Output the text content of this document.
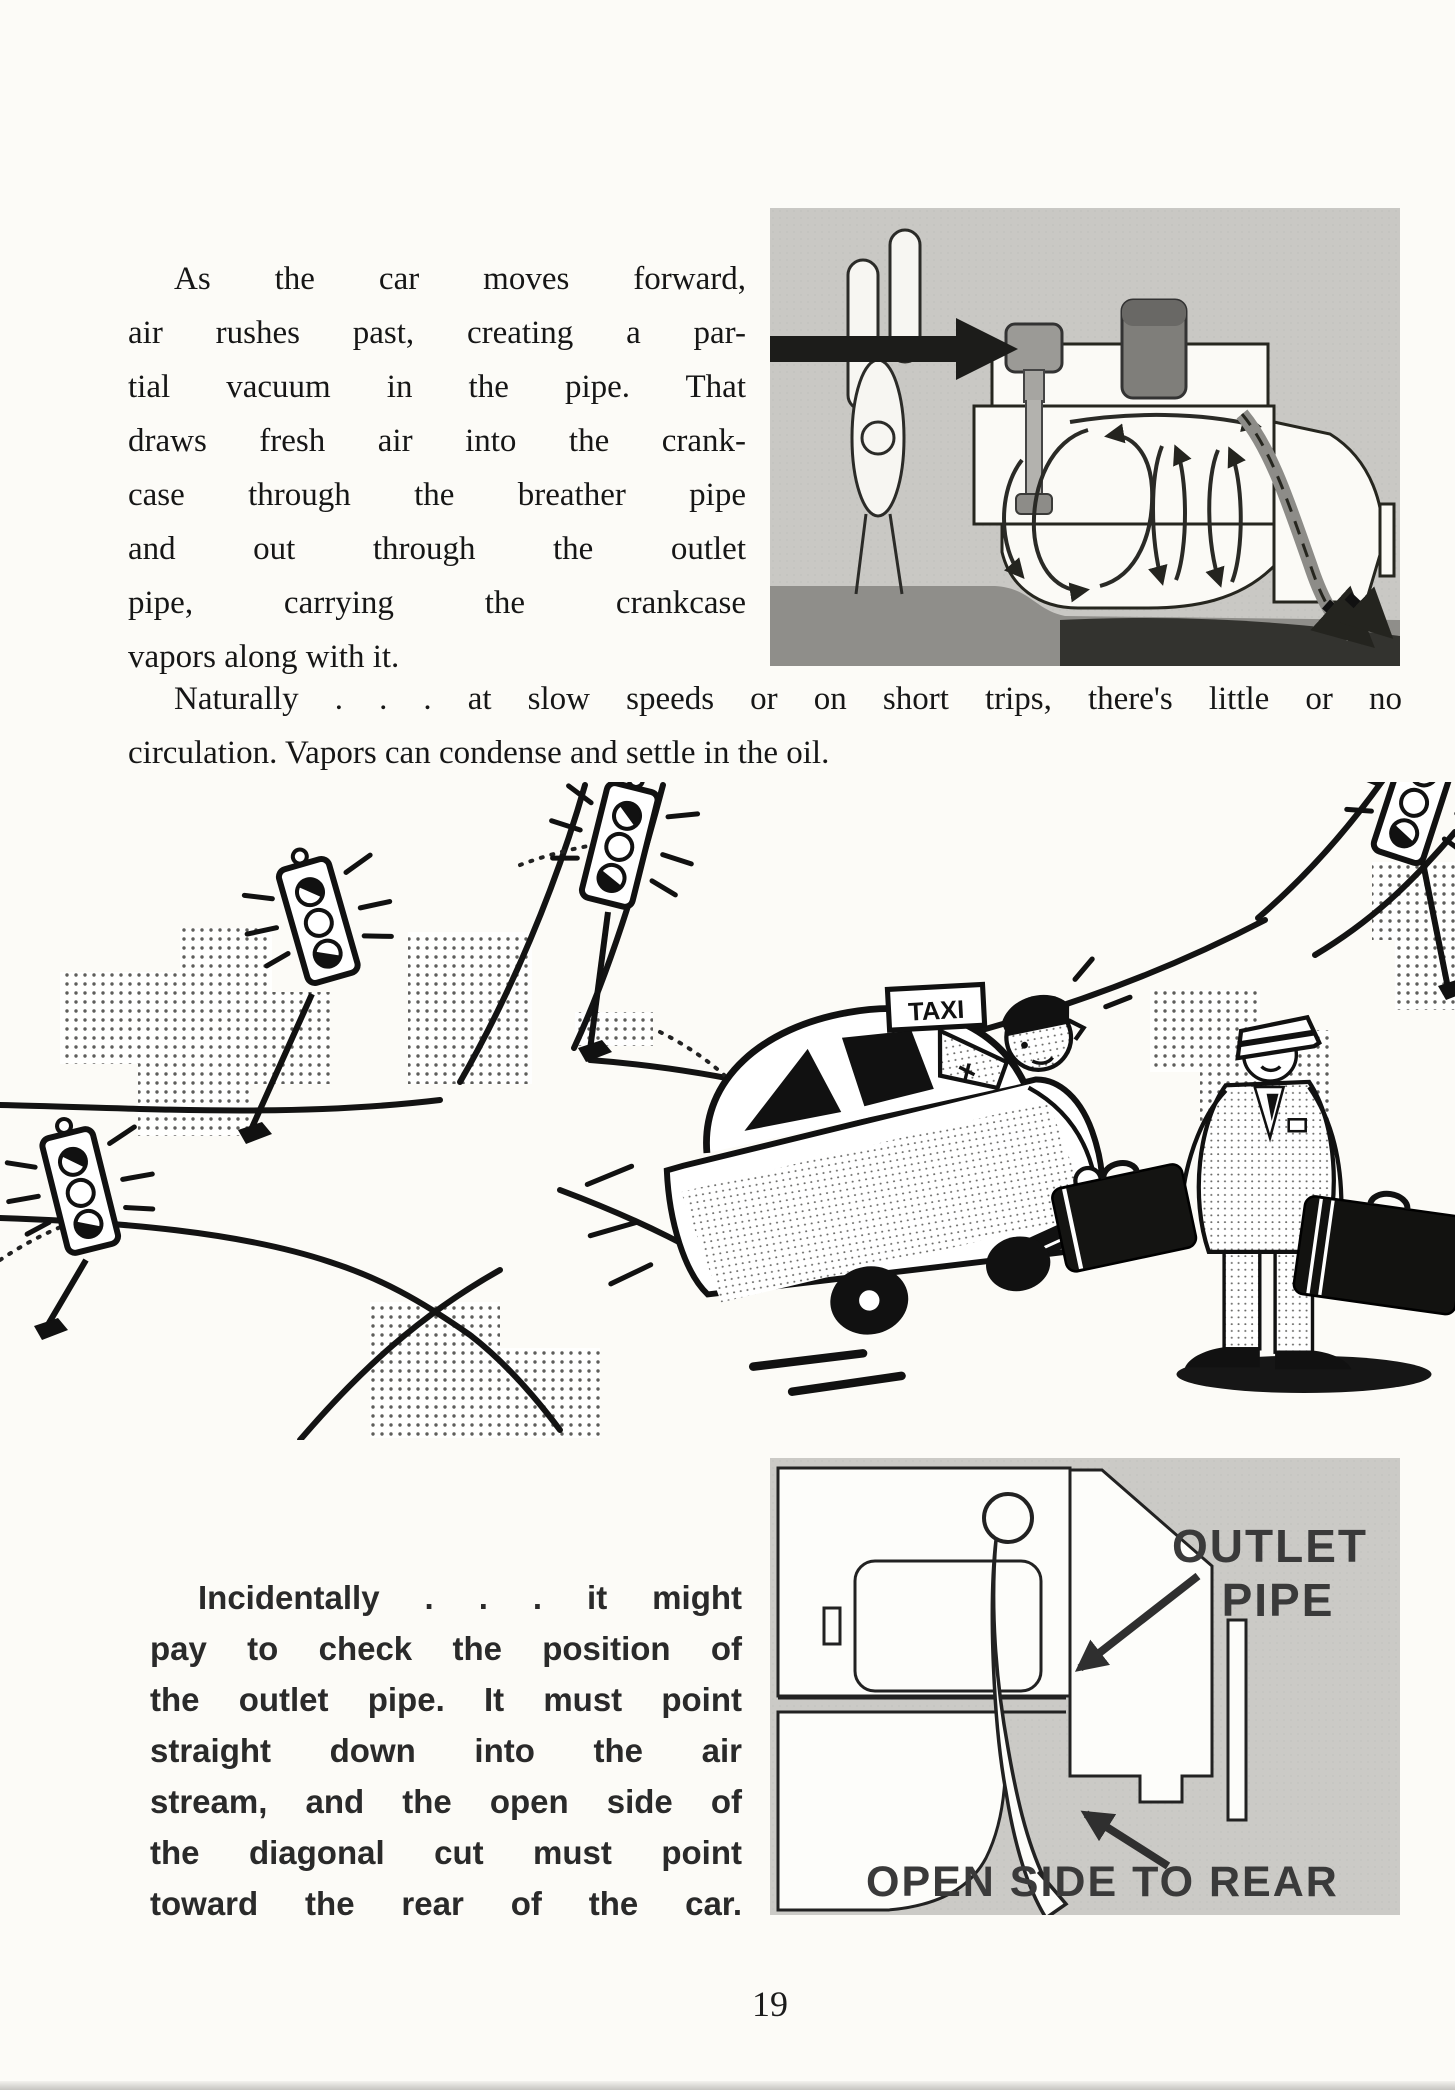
As the car moves forward,
air rushes past, creating a par-
tial vacuum in the pipe. That
draws fresh air into the crank-
case through the breather pipe
and out through the outlet
pipe, carrying the crankcase
vapors along with it.
Naturally . . . at slow speeds or on short trips, there's little or no
circulation. Vapors can condense and settle in the oil.
TAXI
Incidentally . . . it might
pay to check the position of
the outlet pipe. It must point
straight down into the air
stream, and the open side of
the diagonal cut must point
toward the rear of the car.
OUTLET
PIPE
OPEN SIDE TO REAR
19
